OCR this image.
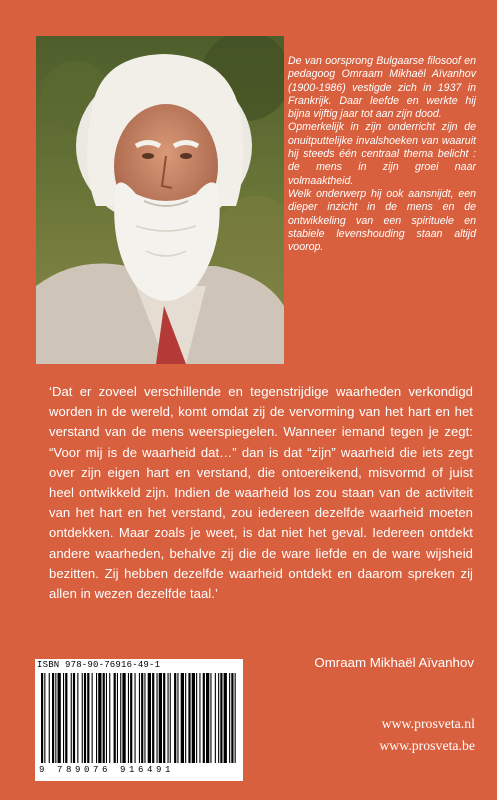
De van oorsprong Bulgaarse filosoof en pedagoog Omraam Mikhaël Aïvanhov (1900-1986) vestigde zich in 1937 in Frankrijk. Daar leefde en werkte hij bijna vijftig jaar tot aan zijn dood.

Opmerkelijk in zijn onderricht zijn de onuitputtelijke invalshoeken van waaruit hij steeds één centraal thema belicht : de mens in zijn groei naar volmaaktheid.

Welk onderwerp hij ook aansnijdt, een dieper inzicht in de mens en de ontwikkeling van een spirituele en stabiele levenshouding staan altijd voorop.

‘Dat er zoveel verschillende en tegenstrijdige waarheden verkondigd worden in de wereld, komt omdat zij de vervorming van het hart en het verstand van de mens weerspiegelen. Wanneer iemand tegen je zegt: “Voor mij is de waarheid dat…” dan is dat “zijn” waarheid die iets zegt over zijn eigen hart en verstand, die ontoereikend, misvormd of juist heel ontwikkeld zijn. Indien de waarheid los zou staan van de activiteit van het hart en het verstand, zou iedereen dezelfde waarheid moeten ontdekken. Maar zoals je weet, is dat niet het geval. Iedereen ontdekt andere waarheden, behalve zij die de ware liefde en de ware wijsheid bezitten. Zij hebben dezelfde waarheid ontdekt en daarom spreken zij allen in wezen dezelfde taal.’

Omraam Mikhaël Aïvanhov
ISBN 978-90-76916-49-1
9 789076 916491
www.prosveta.nl
www.prosveta.be
